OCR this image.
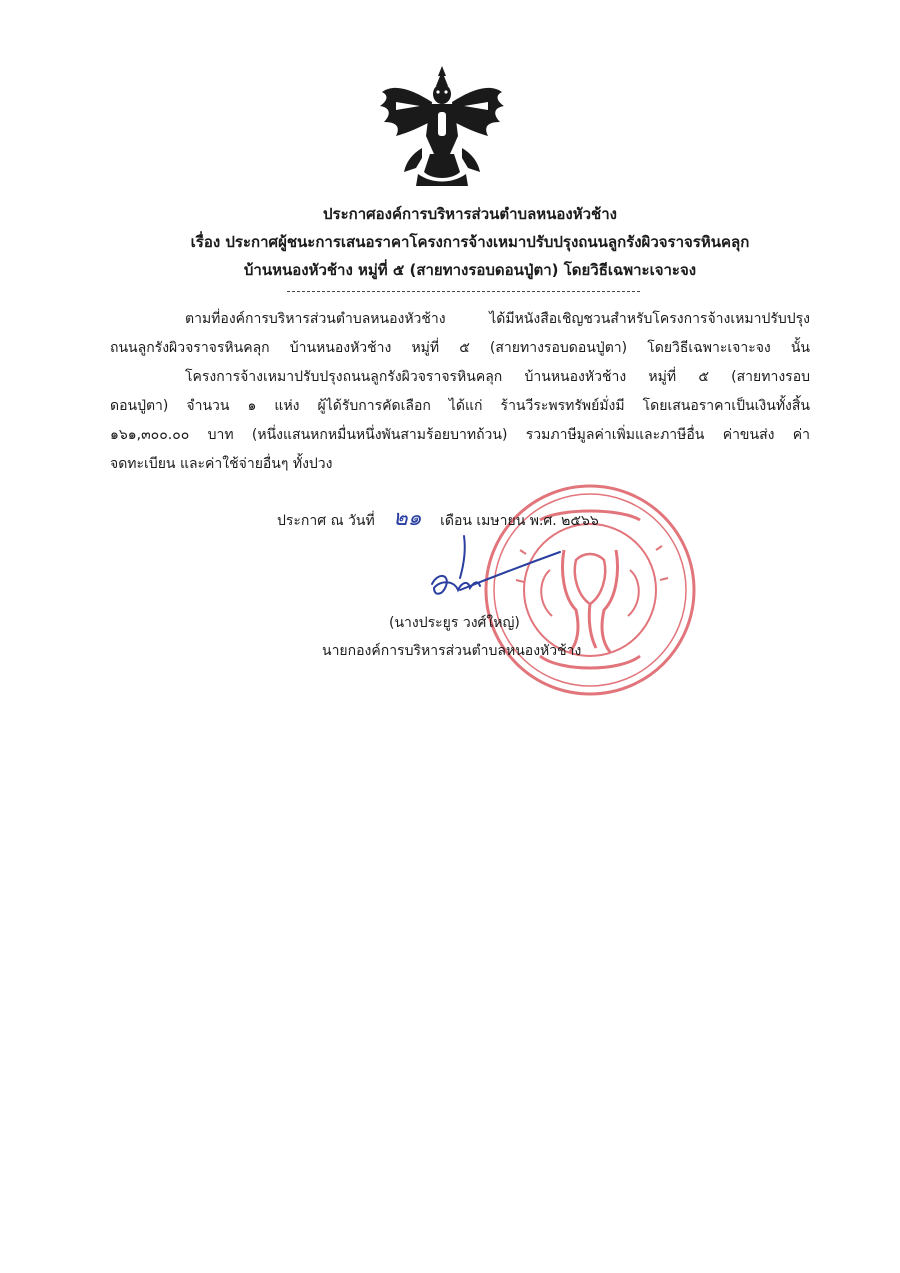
ประกาศองค์การบริหารส่วนตำบลหนองหัวช้าง
เรื่อง ประกาศผู้ชนะการเสนอราคาโครงการจ้างเหมาปรับปรุงถนนลูกรังผิวจราจรหินคลุก
บ้านหนองหัวช้าง หมู่ที่ ๕ (สายทางรอบดอนปู่ตา) โดยวิธีเฉพาะเจาะจง
ตามที่องค์การบริหารส่วนตำบลหนองหัวช้าง ได้มีหนังสือเชิญชวนสำหรับโครงการจ้างเหมาปรับปรุง
ถนนลูกรังผิวจราจรหินคลุก บ้านหนองหัวช้าง หมู่ที่ ๕ (สายทางรอบดอนปู่ตา) โดยวิธีเฉพาะเจาะจง นั้น
โครงการจ้างเหมาปรับปรุงถนนลูกรังผิวจราจรหินคลุก บ้านหนองหัวช้าง หมู่ที่ ๕ (สายทางรอบ
ดอนปู่ตา) จำนวน ๑ แห่ง ผู้ได้รับการคัดเลือก ได้แก่ ร้านวีระพรทรัพย์มั่งมี โดยเสนอราคาเป็นเงินทั้งสิ้น
๑๖๑,๓๐๐.๐๐ บาท (หนึ่งแสนหกหมื่นหนึ่งพันสามร้อยบาทถ้วน) รวมภาษีมูลค่าเพิ่มและภาษีอื่น ค่าขนส่ง ค่า
จดทะเบียน และค่าใช้จ่ายอื่นๆ ทั้งปวง
ประกาศ ณ วันที่ ๒๑ เดือน เมษายน พ.ศ. ๒๕๖๖
(นางประยูร วงศ์ใหญ่)
นายกองค์การบริหารส่วนตำบลหนองหัวช้าง
